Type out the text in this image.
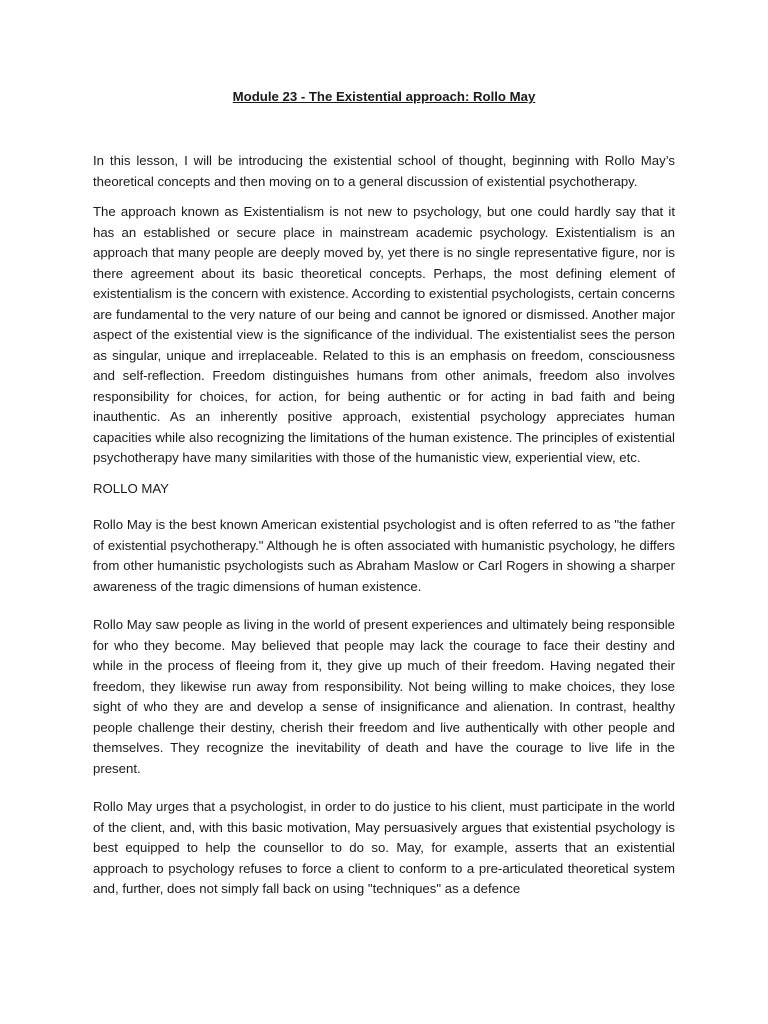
Module 23 - The Existential approach: Rollo May

In this lesson, I will be introducing the existential school of thought, beginning with Rollo May’s theoretical concepts and then moving on to a general discussion of existential psychotherapy.

The approach known as Existentialism is not new to psychology, but one could hardly say that it has an established or secure place in mainstream academic psychology. Existentialism is an approach that many people are deeply moved by, yet there is no single representative figure, nor is there agreement about its basic theoretical concepts. Perhaps, the most defining element of existentialism is the concern with existence. According to existential psychologists, certain concerns are fundamental to the very nature of our being and cannot be ignored or dismissed. Another major aspect of the existential view is the significance of the individual. The existentialist sees the person as singular, unique and irreplaceable. Related to this is an emphasis on freedom, consciousness and self-reflection. Freedom distinguishes humans from other animals, freedom also involves responsibility for choices, for action, for being authentic or for acting in bad faith and being inauthentic. As an inherently positive approach, existential psychology appreciates human capacities while also recognizing the limitations of the human existence. The principles of existential psychotherapy have many similarities with those of the humanistic view, experiential view, etc.

ROLLO MAY

Rollo May is the best known American existential psychologist and is often referred to as "the father of existential psychotherapy." Although he is often associated with humanistic psychology, he differs from other humanistic psychologists such as Abraham Maslow or Carl Rogers in showing a sharper awareness of the tragic dimensions of human existence.

Rollo May saw people as living in the world of present experiences and ultimately being responsible for who they become. May believed that people may lack the courage to face their destiny and while in the process of fleeing from it, they give up much of their freedom. Having negated their freedom, they likewise run away from responsibility. Not being willing to make choices, they lose sight of who they are and develop a sense of insignificance and alienation. In contrast, healthy people challenge their destiny, cherish their freedom and live authentically with other people and themselves. They recognize the inevitability of death and have the courage to live life in the present.

Rollo May urges that a psychologist, in order to do justice to his client, must participate in the world of the client, and, with this basic motivation, May persuasively argues that existential psychology is best equipped to help the counsellor to do so. May, for example, asserts that an existential approach to psychology refuses to force a client to conform to a pre-articulated theoretical system and, further, does not simply fall back on using "techniques" as a defence
